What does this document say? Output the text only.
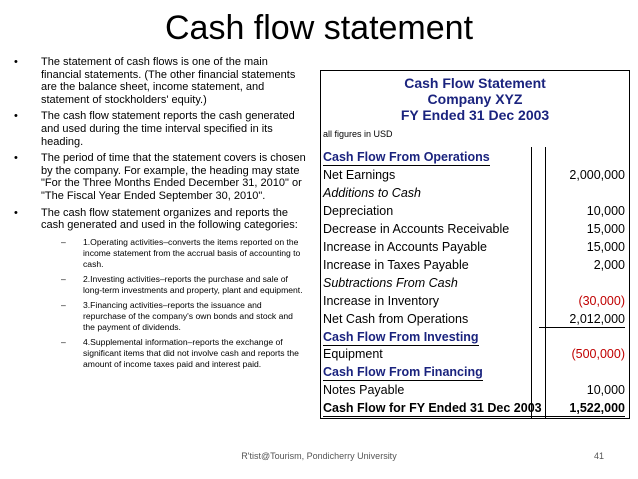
Cash flow statement
• The statement of cash flows is one of the main financial statements. (The other financial statements are the balance sheet, income statement, and statement of stockholders' equity.)
• The cash flow statement reports the cash generated and used during the time interval specified in its heading.
• The period of time that the statement covers is chosen by the company. For example, the heading may state "For the Three Months Ended December 31, 2010" or "The Fiscal Year Ended September 30, 2010".
• The cash flow statement organizes and reports the cash generated and used in the following categories:
– 1.Operating activities–converts the items reported on the income statement from the accrual basis of accounting to cash.
– 2.Investing activities–reports the purchase and sale of long-term investments and property, plant and equipment.
– 3.Financing activities–reports the issuance and repurchase of the company's own bonds and stock and the payment of dividends.
– 4.Supplemental information–reports the exchange of significant items that did not involve cash and reports the amount of income taxes paid and interest paid.
Cash Flow Statement
Company XYZ
FY Ended 31 Dec 2003
all figures in USD
Cash Flow From Operations
Net Earnings	2,000,000
Additions to Cash
Depreciation	10,000
Decrease in Accounts Receivable	15,000
Increase in Accounts Payable	15,000
Increase in Taxes Payable	2,000
Subtractions From Cash
Increase in Inventory	(30,000)
Net Cash from Operations	2,012,000
Cash Flow From Investing
Equipment	(500,000)
Cash Flow From Financing
Notes Payable	10,000
Cash Flow for FY Ended 31 Dec 2003	1,522,000
R'tist@Tourism, Pondicherry University	41
